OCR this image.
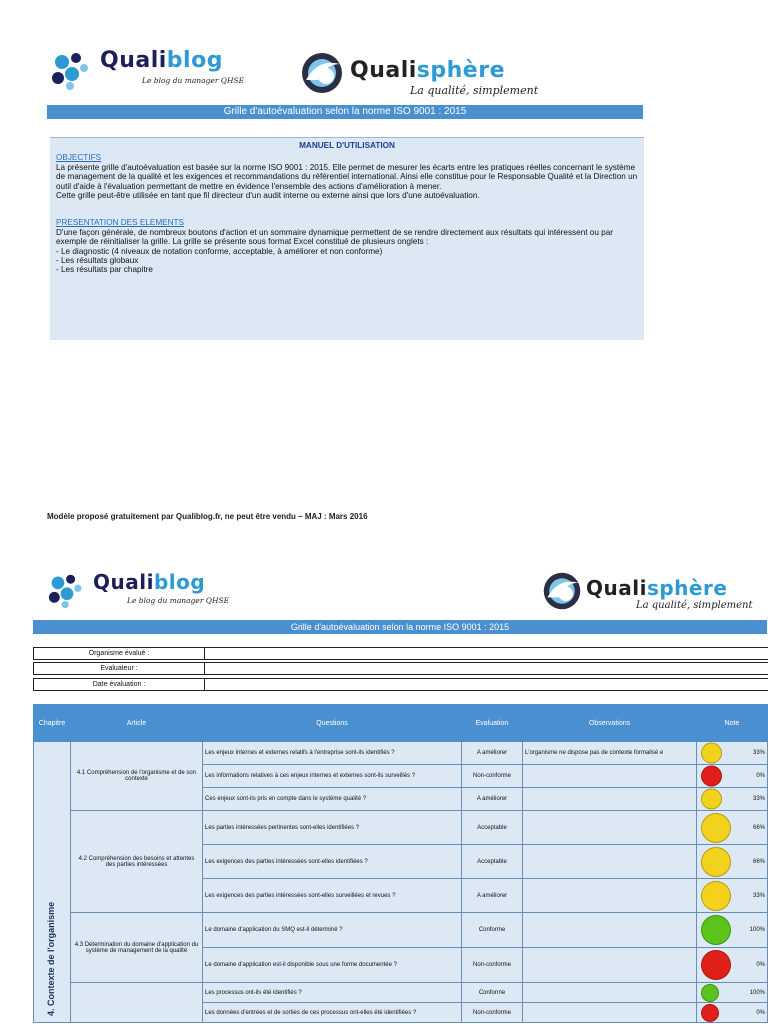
Qualiblog
Le blog du manager QHSE	Qualisphère
La qualité, simplement
Grille d'autoévaluation selon la norme ISO 9001 : 2015
MANUEL D'UTILISATION
OBJECTIFS

La présente grille d'autoévaluation est basée sur la norme ISO 9001 : 2015. Elle permet de mesurer les écarts entre les pratiques réelles concernant le système de management de la qualité et les exigences et recommandations du référentiel international. Ainsi elle constitue pour le Responsable Qualité et la Direction un outil d'aide à l'évaluation permettant de mettre en évidence l'ensemble des actions d'amélioration à mener.

Cette grille peut-être utilisée en tant que fil directeur d'un audit interne ou externe ainsi que lors d'une autoévaluation.

PRESENTATION DES ELEMENTS

D'une façon générale, de nombreux boutons d'action et un sommaire dynamique permettent de se rendre directement aux résultats qui intéressent ou par exemple de réinitialiser la grille. La grille se présente sous format Excel constitué de plusieurs onglets :

- Le diagnostic (4 niveaux de notation conforme, acceptable, à améliorer et non conforme)

- Les résultats globaux

- Les résultats par chapitre

Modèle proposé gratuitement par Qualiblog.fr, ne peut être vendu – MAJ : Mars 2016
Qualiblog
Le blog du manager QHSE
Qualisphère
La qualité, simplement
Grille d'autoévaluation selon la norme ISO 9001 : 2015
Organisme évalué :
Evaluateur :
Date évaluation :
Chapitre	Article	Questions	Evaluation	Observations	Note

4. Contexte de l'organisme	4.1 Compréhension de l'organisme et de son contexte	Les enjeux internes et externes relatifs à l'entreprise sont-ils identifiés ?	A améliorer	L'organisme ne dispose pas de contexte formalisé e	33%
		Les informations relatives à ces enjeux internes et externes sont-ils surveillés ?	Non-conforme		0%
		Ces enjeux sont-ils pris en compte dans le système qualité ?	A améliorer		33%
	4.2 Compréhension des besoins et attentes des parties intéressées	Les parties intéressées pertinentes sont-elles identifiées ?	Acceptable		66%
		Les exigences des parties intéressées sont-elles identifiées ?	Acceptable		66%
		Les exigences des parties intéressées sont-elles surveillées et revues ?	A améliorer		33%
	4.3 Détermination du domaine d'application du système de management de la qualité	Le domaine d'application du SMQ est-il déterminé ?	Conforme		100%
		Le domaine d'application est-il disponible sous une forme documentée ?	Non-conforme		0%
		Les processus ont-ils été identifiés ?	Conforme		100%
		Les données d'entrées et de sorties de ces processus ont-elles été identifiées ?	Non-conforme		0%
